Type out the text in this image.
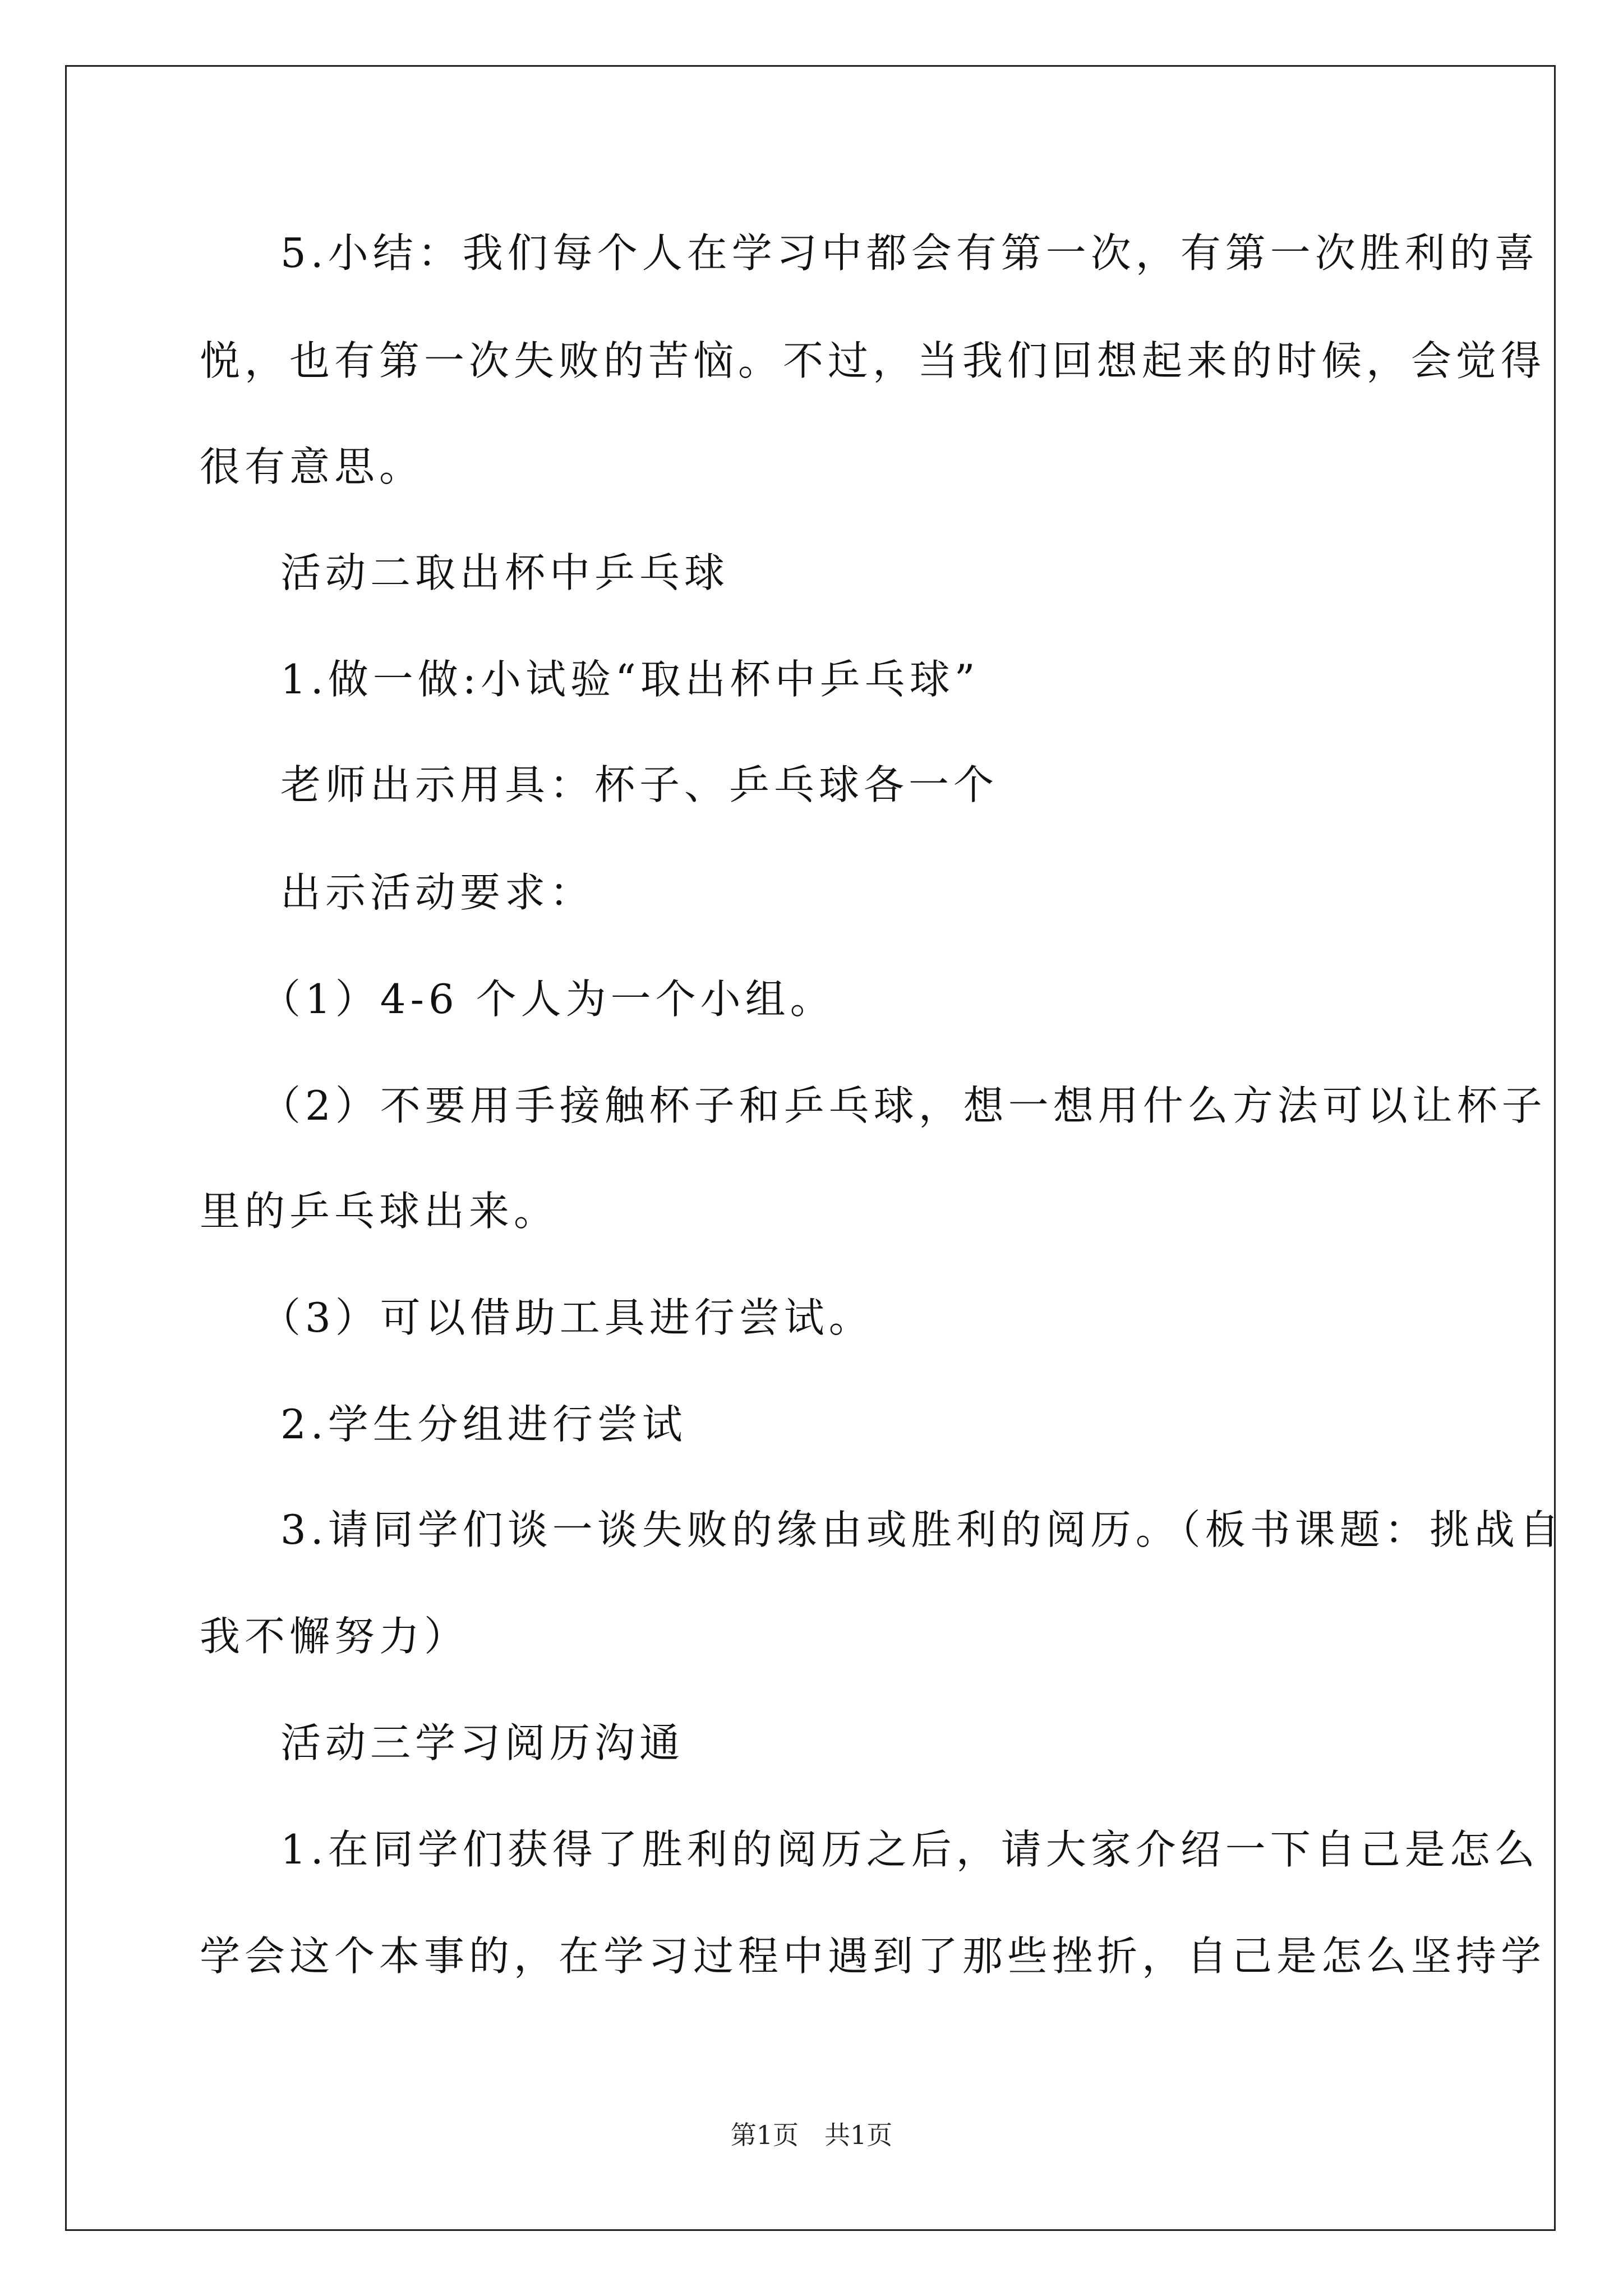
5.小结：我们每个人在学习中都会有第一次，有第一次胜利的喜

悦，也有第一次失败的苦恼。不过，当我们回想起来的时候，会觉得

很有意思。

活动二取出杯中乒乓球

1.做一做:小试验“取出杯中乒乓球”

老师出示用具：杯子、乒乓球各一个

出示活动要求：

（1）4-6 个人为一个小组。

（2）不要用手接触杯子和乒乓球，想一想用什么方法可以让杯子

里的乒乓球出来。

（3）可以借助工具进行尝试。

2.学生分组进行尝试

3.请同学们谈一谈失败的缘由或胜利的阅历。（板书课题：挑战自

我不懈努力）

活动三学习阅历沟通

1.在同学们获得了胜利的阅历之后，请大家介绍一下自己是怎么

学会这个本事的，在学习过程中遇到了那些挫折，自己是怎么坚持学

第1页　共1页
